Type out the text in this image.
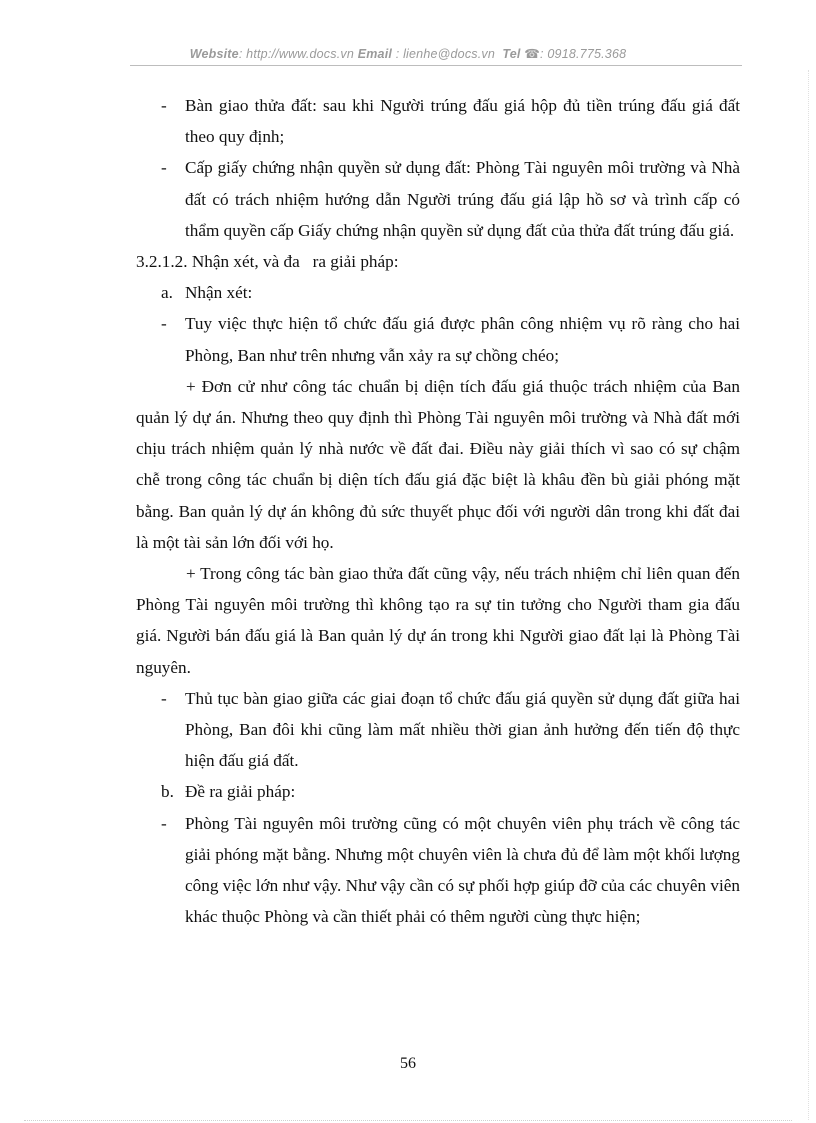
Website: http://www.docs.vn Email : lienhe@docs.vn Tel ☎: 0918.775.368
- Bàn giao thửa đất: sau khi Người trúng đấu giá hộp đủ tiền trúng đấu giá đất theo quy định;
- Cấp giấy chứng nhận quyền sử dụng đất: Phòng Tài nguyên môi trường và Nhà đất có trách nhiệm hướng dẫn Người trúng đấu giá lập hồ sơ và trình cấp có thẩm quyền cấp Giấy chứng nhận quyền sử dụng đất của thửa đất trúng đấu giá.
3.2.1.2. Nhận xét, và đa   ra giải pháp:
a. Nhận xét:
- Tuy việc thực hiện tổ chức đấu giá được phân công nhiệm vụ rõ ràng cho hai Phòng, Ban như trên nhưng vẫn xảy ra sự chồng chéo;
+ Đơn cử như công tác chuẩn bị diện tích đấu giá thuộc trách nhiệm của Ban quản lý dự án. Nhưng theo quy định thì Phòng Tài nguyên môi trường và Nhà đất mới chịu trách nhiệm quản lý nhà nước về đất đai. Điều này giải thích vì sao có sự chậm chễ trong công tác chuẩn bị diện tích đấu giá đặc biệt là khâu đền bù giải phóng mặt bằng. Ban quản lý dự án không đủ sức thuyết phục đối với người dân trong khi đất đai là một tài sản lớn đối với họ.
+ Trong công tác bàn giao thửa đất cũng vậy, nếu trách nhiệm chỉ liên quan đến Phòng Tài nguyên môi trường thì không tạo ra sự tin tưởng cho Người tham gia đấu giá. Người bán đấu giá là Ban quản lý dự án trong khi Người giao đất lại là Phòng Tài nguyên.
- Thủ tục bàn giao giữa các giai đoạn tổ chức đấu giá quyền sử dụng đất giữa hai Phòng, Ban đôi khi cũng làm mất nhiều thời gian ảnh hưởng đến tiến độ thực hiện đấu giá đất.
b. Đề ra giải pháp:
- Phòng Tài nguyên môi trường cũng có một chuyên viên phụ trách về công tác giải phóng mặt bằng. Nhưng một chuyên viên là chưa đủ để làm một khối lượng công việc lớn như vậy. Như vậy cần có sự phối hợp giúp đỡ của các chuyên viên khác thuộc Phòng và cần thiết phải có thêm người cùng thực hiện;
56
